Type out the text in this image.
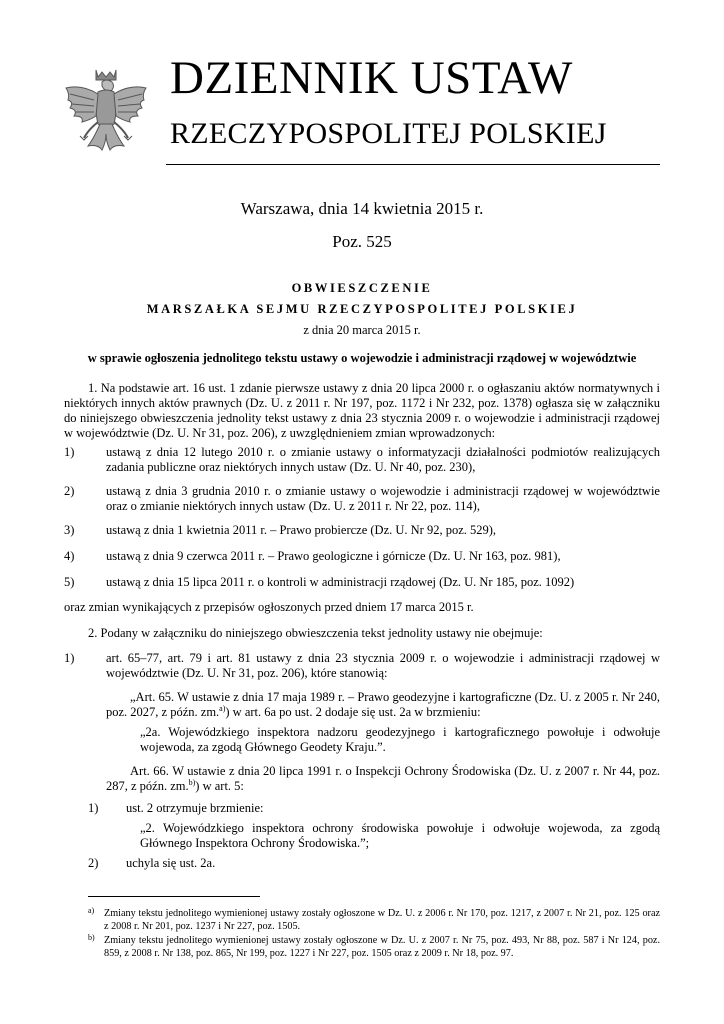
DZIENNIK USTAW
RZECZYPOSPOLITEJ POLSKIEJ
Warszawa, dnia 14 kwietnia 2015 r.
Poz. 525
OBWIESZCZENIE
MARSZAŁKA SEJMU RZECZYPOSPOLITEJ POLSKIEJ
z dnia 20 marca 2015 r.
w sprawie ogłoszenia jednolitego tekstu ustawy o wojewodzie i administracji rządowej w województwie
1. Na podstawie art. 16 ust. 1 zdanie pierwsze ustawy z dnia 20 lipca 2000 r. o ogłaszaniu aktów normatywnych i niektórych innych aktów prawnych (Dz. U. z 2011 r. Nr 197, poz. 1172 i Nr 232, poz. 1378) ogłasza się w załączniku do niniejszego obwieszczenia jednolity tekst ustawy z dnia 23 stycznia 2009 r. o wojewodzie i administracji rządowej w województwie (Dz. U. Nr 31, poz. 206), z uwzględnieniem zmian wprowadzonych:
1)	ustawą z dnia 12 lutego 2010 r. o zmianie ustawy o informatyzacji działalności podmiotów realizujących zadania publiczne oraz niektórych innych ustaw (Dz. U. Nr 40, poz. 230),
2)	ustawą z dnia 3 grudnia 2010 r. o zmianie ustawy o wojewodzie i administracji rządowej w województwie oraz o zmianie niektórych innych ustaw (Dz. U. z 2011 r. Nr 22, poz. 114),
3)	ustawą z dnia 1 kwietnia 2011 r. – Prawo probiercze (Dz. U. Nr 92, poz. 529),
4)	ustawą z dnia 9 czerwca 2011 r. – Prawo geologiczne i górnicze (Dz. U. Nr 163, poz. 981),
5)	ustawą z dnia 15 lipca 2011 r. o kontroli w administracji rządowej (Dz. U. Nr 185, poz. 1092)
oraz zmian wynikających z przepisów ogłoszonych przed dniem 17 marca 2015 r.
2. Podany w załączniku do niniejszego obwieszczenia tekst jednolity ustawy nie obejmuje:
1)	art. 65–77, art. 79 i art. 81 ustawy z dnia 23 stycznia 2009 r. o wojewodzie i administracji rządowej w województwie (Dz. U. Nr 31, poz. 206), które stanowią:
„Art. 65. W ustawie z dnia 17 maja 1989 r. – Prawo geodezyjne i kartograficzne (Dz. U. z 2005 r. Nr 240, poz. 2027, z późn. zm.$^{a)}$) w art. 6a po ust. 2 dodaje się ust. 2a w brzmieniu:
„2a. Wojewódzkiego inspektora nadzoru geodezyjnego i kartograficznego powołuje i odwołuje wojewoda, za zgodą Głównego Geodety Kraju.”.
Art. 66. W ustawie z dnia 20 lipca 1991 r. o Inspekcji Ochrony Środowiska (Dz. U. z 2007 r. Nr 44, poz. 287, z późn. zm.$^{b)}$) w art. 5:
1) ust. 2 otrzymuje brzmienie:
„2. Wojewódzkiego inspektora ochrony środowiska powołuje i odwołuje wojewoda, za zgodą Głównego Inspektora Ochrony Środowiska.”;
2) uchyla się ust. 2a.
a) Zmiany tekstu jednolitego wymienionej ustawy zostały ogłoszone w Dz. U. z 2006 r. Nr 170, poz. 1217, z 2007 r. Nr 21, poz. 125 oraz z 2008 r. Nr 201, poz. 1237 i Nr 227, poz. 1505.
b) Zmiany tekstu jednolitego wymienionej ustawy zostały ogłoszone w Dz. U. z 2007 r. Nr 75, poz. 493, Nr 88, poz. 587 i Nr 124, poz. 859, z 2008 r. Nr 138, poz. 865, Nr 199, poz. 1227 i Nr 227, poz. 1505 oraz z 2009 r. Nr 18, poz. 97.
